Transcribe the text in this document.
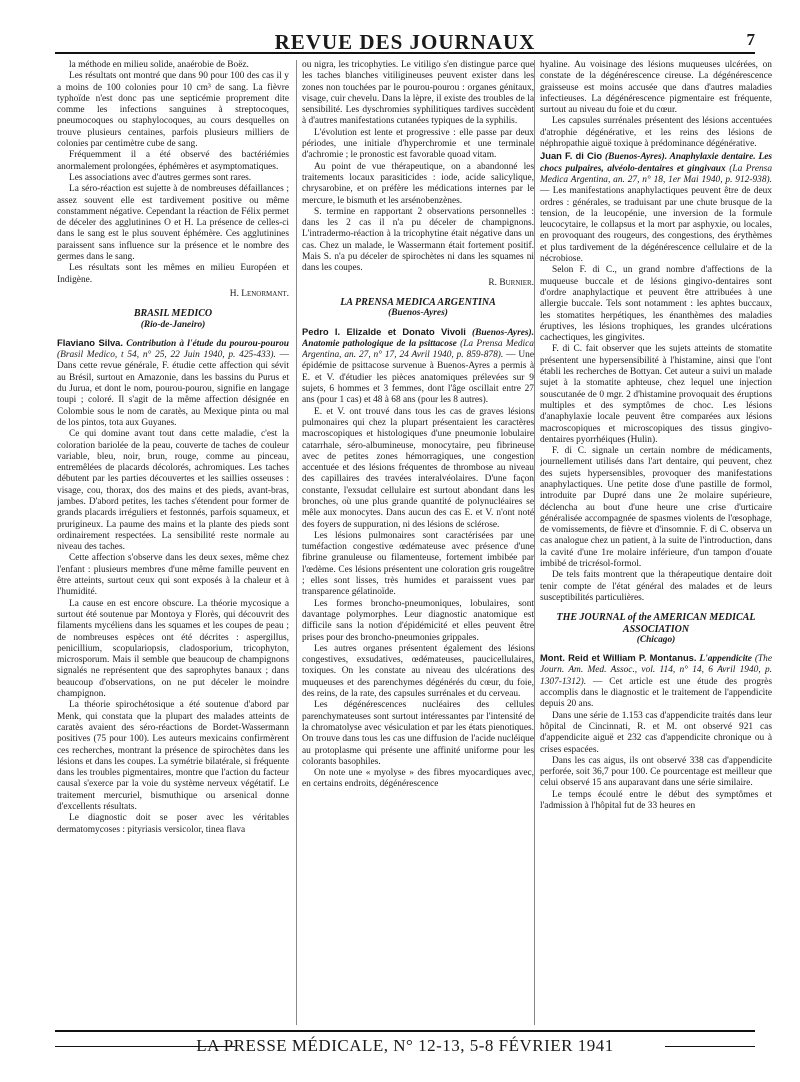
REVUE DES JOURNAUX	7

la méthode en milieu solide, anaérobie de Boëz.

Les résultats ont montré que dans 90 pour 100 des cas il y a moins de 100 colonies pour 10 cm³ de sang. La fièvre typhoïde n'est donc pas une septicémie proprement dite comme les infections sanguines à streptocoques, pneumocoques ou staphylocoques, au cours desquelles on trouve plusieurs centaines, parfois plusieurs milliers de colonies par centimètre cube de sang.

Fréquemment il a été observé des bactériémies anormalement prolongées, éphémères et asymptomatiques.

Les associations avec d'autres germes sont rares.

La séro-réaction est sujette à de nombreuses défaillances ; assez souvent elle est tardivement positive ou même constamment négative. Cependant la réaction de Félix permet de déceler des agglutinines O et H. La présence de celles-ci dans le sang est le plus souvent éphémère. Ces agglutinines paraissent sans influence sur la présence et le nombre des germes dans le sang.

Les résultats sont les mêmes en milieu Européen et Indigène.

H. Lenormant.
BRASIL MEDICO
(Rio-de-Janeiro)

Flaviano Silva. Contribution à l'étude du pourou-pourou (Brasil Medico, t 54, n° 25, 22 Juin 1940, p. 425-433). — Dans cette revue générale, F. étudie cette affection qui sévit au Brésil, surtout en Amazonie, dans les bassins du Purus et du Jurua, et dont le nom, pourou-pourou, signifie en langage toupi ; coloré. Il s'agit de la même affection désignée en Colombie sous le nom de caratès, au Mexique pinta ou mal de los pintos, tota aux Guyanes.

Ce qui domine avant tout dans cette maladie, c'est la coloration bariolée de la peau, couverte de taches de couleur variable, bleu, noir, brun, rouge, comme au pinceau, entremêlées de placards décolorés, achromiques. Les taches débutent par les parties découvertes et les saillies osseuses : visage, cou, thorax, dos des mains et des pieds, avant-bras, jambes. D'abord petites, les taches s'étendent pour former de grands placards irréguliers et festonnés, parfois squameux, et prurigineux. La paume des mains et la plante des pieds sont ordinairement respectées. La sensibilité reste normale au niveau des taches.

Cette affection s'observe dans les deux sexes, même chez l'enfant : plusieurs membres d'une même famille peuvent en être atteints, surtout ceux qui sont exposés à la chaleur et à l'humidité.

La cause en est encore obscure. La théorie mycosique a surtout été soutenue par Montoya y Florès, qui découvrit des filaments mycéliens dans les squames et les coupes de peau ; de nombreuses espèces ont été décrites : aspergillus, penicillium, scopulariopsis, cladosporium, tricophyton, microsporum. Mais il semble que beaucoup de champignons signalés ne représentent que des saprophytes banaux ; dans beaucoup d'observations, on ne put déceler le moindre champignon.

La théorie spirochétosique a été soutenue d'abord par Menk, qui constata que la plupart des malades atteints de caratès avaient des séro-réactions de Bordet-Wassermann positives (75 pour 100). Les auteurs mexicains confirmèrent ces recherches, montrant la présence de spirochètes dans les lésions et dans les coupes. La symétrie bilatérale, si fréquente dans les troubles pigmentaires, montre que l'action du facteur causal s'exerce par la voie du système nerveux végétatif. Le traitement mercuriel, bismuthique ou arsenical donne d'excellents résultats.

Le diagnostic doit se poser avec les véritables dermatomycoses : pityriasis versicolor, tinea flava

ou nigra, les tricophyties. Le vitiligo s'en distingue parce que les taches blanches vitiligineuses peuvent exister dans les zones non touchées par le pourou-pourou : organes génitaux, visage, cuir chevelu. Dans la lèpre, il existe des troubles de la sensibilité. Les dyschromies syphilitiques tardives succèdent à d'autres manifestations cutanées typiques de la syphilis.

L'évolution est lente et progressive : elle passe par deux périodes, une initiale d'hyperchromie et une terminale d'achromie ; le pronostic est favorable quoad vitam.

Au point de vue thérapeutique, on a abandonné les traitements locaux parasiticides : iode, acide salicylique, chrysarobine, et on préfère les médications internes par le mercure, le bismuth et les arsénobenzènes.

S. termine en rapportant 2 observations personnelles : dans les 2 cas il n'a pu déceler de champignons. L'intradermo-réaction à la tricophytine était négative dans un cas. Chez un malade, le Wassermann était fortement positif. Mais S. n'a pu déceler de spirochètes ni dans les squames ni dans les coupes.

R. Burnier.
LA PRENSA MEDICA ARGENTINA
(Buenos-Ayres)

Pedro I. Elizalde et Donato Vivoli (Buenos-Ayres). Anatomie pathologique de la psittacose (La Prensa Medica Argentina, an. 27, n° 17, 24 Avril 1940, p. 859-878). — Une épidémie de psittacose survenue à Buenos-Ayres a permis à E. et V. d'étudier les pièces anatomiques prélevées sur 9 sujets, 6 hommes et 3 femmes, dont l'âge oscillait entre 27 ans (pour 1 cas) et 48 à 68 ans (pour les 8 autres).

E. et V. ont trouvé dans tous les cas de graves lésions pulmonaires qui chez la plupart présentaient les caractères macroscopiques et histologiques d'une pneumonie lobulaire catarrhale, séro-albumineuse, monocytaire, peu fibrineuse avec de petites zones hémorragiques, une congestion accentuée et des lésions fréquentes de thrombose au niveau des capillaires des travées interalvéolaires. D'une façon constante, l'exsudat cellulaire est surtout abondant dans les bronches, où une plus grande quantité de polynucléaires se mêle aux monocytes. Dans aucun des cas E. et V. n'ont noté des foyers de suppuration, ni des lésions de sclérose.

Les lésions pulmonaires sont caractérisées par une tuméfaction congestive œdémateuse avec présence d'une fibrine granuleuse ou filamenteuse, fortement imbibée par l'œdème. Ces lésions présentent une coloration gris rougeâtre ; elles sont lisses, très humides et paraissent vues par transparence gélatinoïde.

Les formes broncho-pneumoniques, lobulaires, sont davantage polymorphes. Leur diagnostic anatomique est difficile sans la notion d'épidémicité et elles peuvent être prises pour des broncho-pneumonies grippales.

Les autres organes présentent également des lésions congestives, exsudatives, œdémateuses, paucicellulaires, toxiques. On les constate au niveau des ulcérations des muqueuses et des parenchymes dégénérés du cœur, du foie, des reins, de la rate, des capsules surrénales et du cerveau.

Les dégénérescences nucléaires des cellules parenchymateuses sont surtout intéressantes par l'intensité de la chromatolyse avec vésiculation et par les états pienotiques. On trouve dans tous les cas une diffusion de l'acide nucléique au protoplasme qui présente une affinité uniforme pour les colorants basophiles.

On note une « myolyse » des fibres myocardiques avec, en certains endroits, dégénérescence

hyaline. Au voisinage des lésions muqueuses ulcérées, on constate de la dégénérescence cireuse. La dégénérescence graisseuse est moins accusée que dans d'autres maladies infectieuses. La dégénérescence pigmentaire est fréquente, surtout au niveau du foie et du cœur.

Les capsules surrénales présentent des lésions accentuées d'atrophie dégénérative, et les reins des lésions de néphropathie aiguë toxique à prédominance dégénérative.

Juan F. di Cio (Buenos-Ayres). Anaphylaxie dentaire. Les chocs pulpaires, alvéolo-dentaires et gingivaux (La Prensa Medica Argentina, an. 27, n° 18, 1er Mai 1940, p. 912-938). — Les manifestations anaphylactiques peuvent être de deux ordres : générales, se traduisant par une chute brusque de la tension, de la leucopénie, une inversion de la formule leucocytaire, le collapsus et la mort par asphyxie, ou locales, en provoquant des rougeurs, des congestions, des érythèmes et plus tardivement de la dégénérescence cellulaire et de la nécrobiose.

Selon F. di C., un grand nombre d'affections de la muqueuse buccale et de lésions gingivo-dentaires sont d'ordre anaphylactique et peuvent être attribuées à une allergie buccale. Tels sont notamment : les aphtes buccaux, les stomatites herpétiques, les énanthèmes des maladies éruptives, les lésions trophiques, les grandes ulcérations cachectiques, les gingivites.

F. di C. fait observer que les sujets atteints de stomatite présentent une hypersensibilité à l'histamine, ainsi que l'ont établi les recherches de Bottyan. Cet auteur a suivi un malade sujet à la stomatite aphteuse, chez lequel une injection souscutanée de 0 mgr. 2 d'histamine provoquait des éruptions multiples et des symptômes de choc. Les lésions d'anaphylaxie locale peuvent être comparées aux lésions macroscopiques et microscopiques des tissus gingivo-dentaires pyorrhéiques (Hulin).

F. di C. signale un certain nombre de médicaments, journellement utilisés dans l'art dentaire, qui peuvent, chez des sujets hypersensibles, provoquer des manifestations anaphylactiques. Une petite dose d'une pastille de formol, introduite par Dupré dans une 2e molaire supérieure, déclencha au bout d'une heure une crise d'urticaire généralisée accompagnée de spasmes violents de l'œsophage, de vomissements, de fièvre et d'insomnie. F. di C. observa un cas analogue chez un patient, à la suite de l'introduction, dans la cavité d'une 1re molaire inférieure, d'un tampon d'ouate imbibé de tricrésol-formol.

De tels faits montrent que la thérapeutique dentaire doit tenir compte de l'état général des malades et de leurs susceptibilités particulières.

THE JOURNAL of the AMERICAN MEDICAL ASSOCIATION
(Chicago)

Mont. Reid et William P. Montanus. L'appendicite (The Journ. Am. Med. Assoc., vol. 114, n° 14, 6 Avril 1940, p. 1307-1312). — Cet article est une étude des progrès accomplis dans le diagnostic et le traitement de l'appendicite depuis 20 ans.

Dans une série de 1.153 cas d'appendicite traités dans leur hôpital de Cincinnati, R. et M. ont observé 921 cas d'appendicite aiguë et 232 cas d'appendicite chronique ou à crises espacées.

Dans les cas aigus, ils ont observé 338 cas d'appendicite perforée, soit 36,7 pour 100. Ce pourcentage est meilleur que celui observé 15 ans auparavant dans une série similaire.

Le temps écoulé entre le début des symptômes et l'admission à l'hôpital fut de 33 heures en

LA PRESSE MÉDICALE, N° 12-13, 5-8 FÉVRIER 1941
